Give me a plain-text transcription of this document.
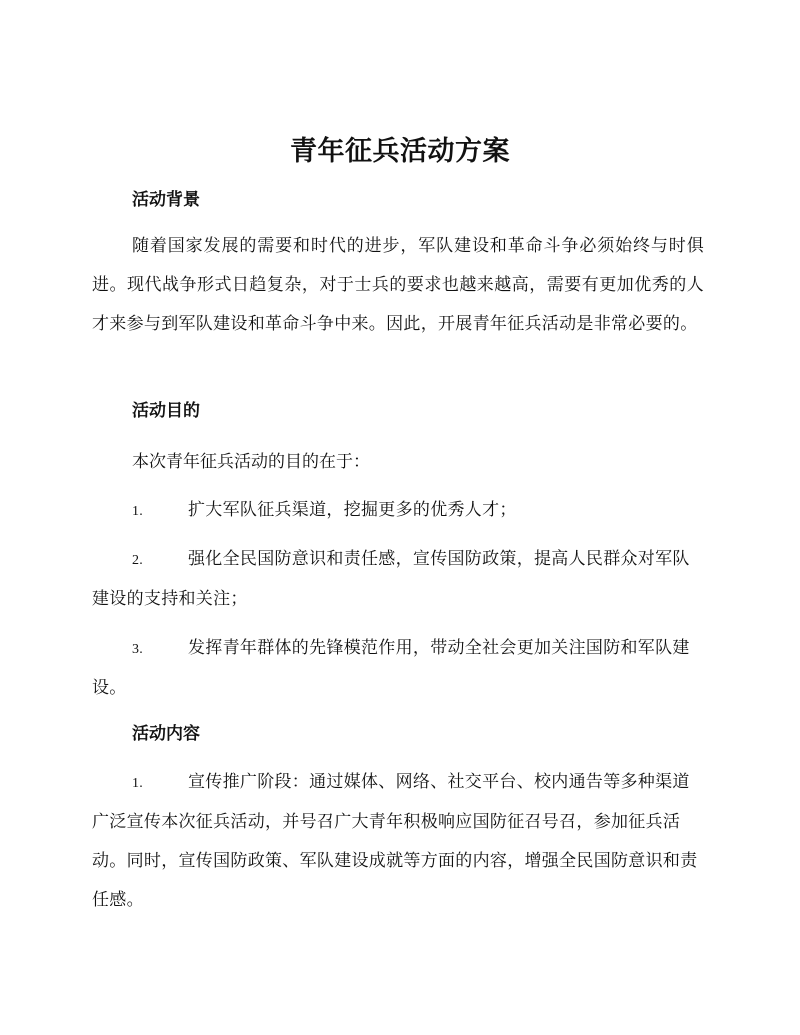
青年征兵活动方案
活动背景
随着国家发展的需要和时代的进步，军队建设和革命斗争必须始终与时俱进。现代战争形式日趋复杂，对于士兵的要求也越来越高，需要有更加优秀的人才来参与到军队建设和革命斗争中来。因此，开展青年征兵活动是非常必要的。
活动目的
本次青年征兵活动的目的在于：
1.	扩大军队征兵渠道，挖掘更多的优秀人才；
2.	强化全民国防意识和责任感，宣传国防政策，提高人民群众对军队建设的支持和关注；
3.	发挥青年群体的先锋模范作用，带动全社会更加关注国防和军队建设。
活动内容
1.	宣传推广阶段：通过媒体、网络、社交平台、校内通告等多种渠道广泛宣传本次征兵活动，并号召广大青年积极响应国防征召号召，参加征兵活动。同时，宣传国防政策、军队建设成就等方面的内容，增强全民国防意识和责任感。
